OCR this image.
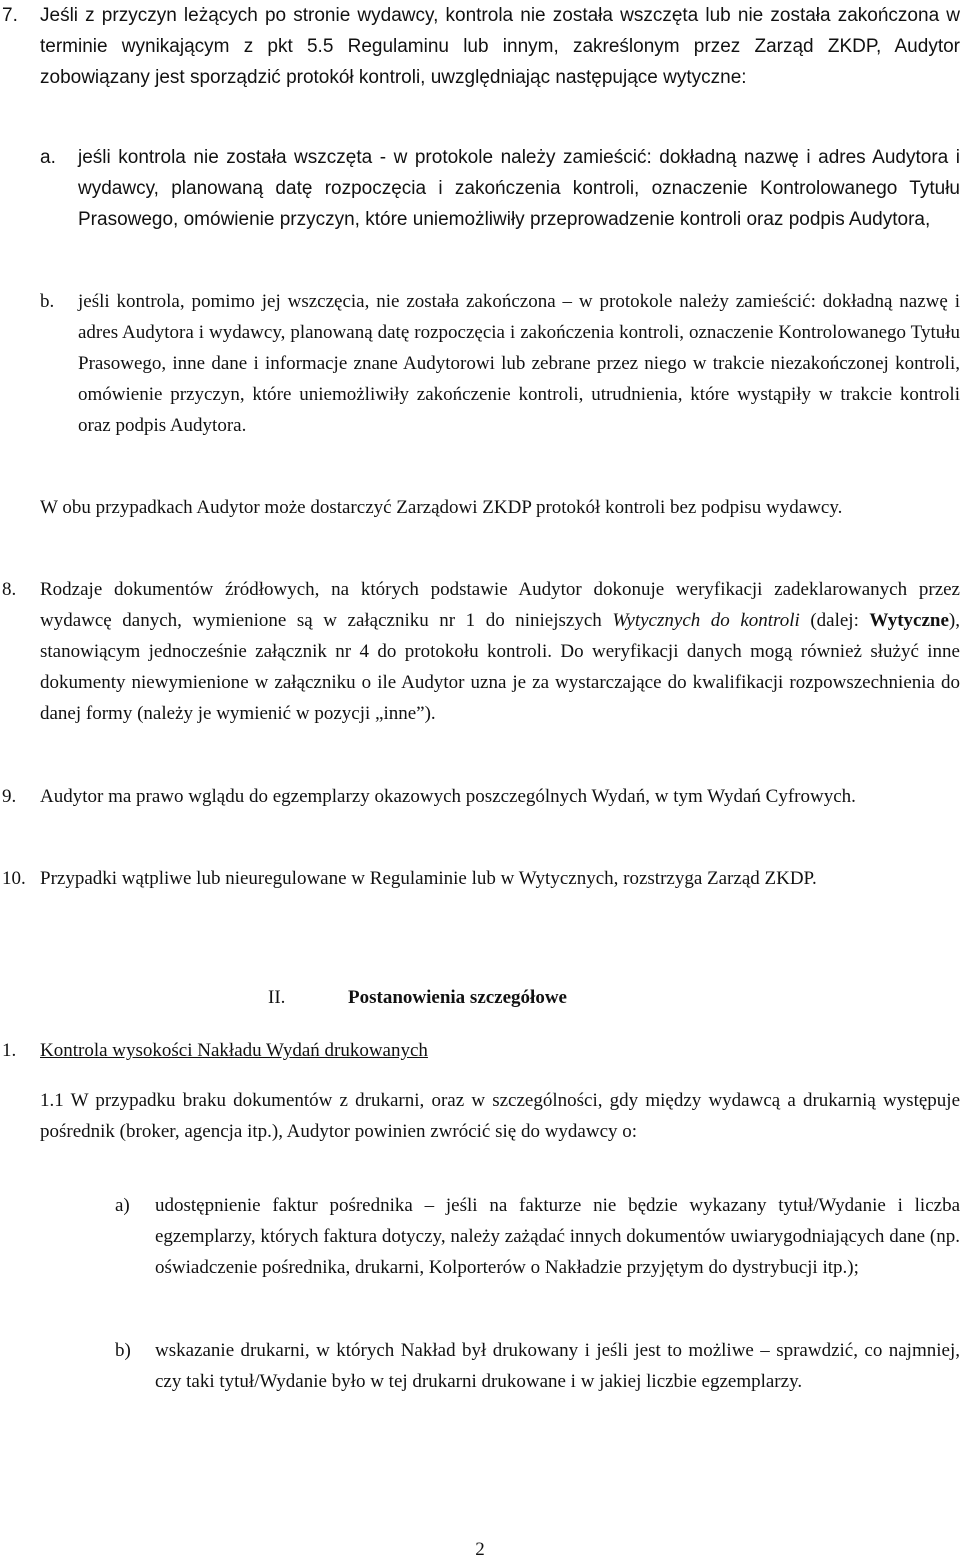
7. Jeśli z przyczyn leżących po stronie wydawcy, kontrola nie została wszczęta lub nie została zakończona w terminie wynikającym z pkt 5.5 Regulaminu lub innym, zakreślonym przez Zarząd ZKDP, Audytor zobowiązany jest sporządzić protokół kontroli, uwzględniając następujące wytyczne:
a. jeśli kontrola nie została wszczęta - w protokole należy zamieścić: dokładną nazwę i adres Audytora i wydawcy, planowaną datę rozpoczęcia i zakończenia kontroli, oznaczenie Kontrolowanego Tytułu Prasowego, omówienie przyczyn, które uniemożliwiły przeprowadzenie kontroli oraz podpis Audytora,
b. jeśli kontrola, pomimo jej wszczęcia, nie została zakończona – w protokole należy zamieścić: dokładną nazwę i adres Audytora i wydawcy, planowaną datę rozpoczęcia i zakończenia kontroli, oznaczenie Kontrolowanego Tytułu Prasowego, inne dane i informacje znane Audytorowi lub zebrane przez niego w trakcie niezakończonej kontroli, omówienie przyczyn, które uniemożliwiły zakończenie kontroli, utrudnienia, które wystąpiły w trakcie kontroli oraz podpis Audytora.
W obu przypadkach Audytor może dostarczyć Zarządowi ZKDP protokół kontroli bez podpisu wydawcy.
8. Rodzaje dokumentów źródłowych, na których podstawie Audytor dokonuje weryfikacji zadeklarowanych przez wydawcę danych, wymienione są w załączniku nr 1 do niniejszych Wytycznych do kontroli (dalej: Wytyczne), stanowiącym jednocześnie załącznik nr 4 do protokołu kontroli. Do weryfikacji danych mogą również służyć inne dokumenty niewymienione w załączniku o ile Audytor uzna je za wystarczające do kwalifikacji rozpowszechnienia do danej formy (należy je wymienić w pozycji „inne”).
9. Audytor ma prawo wglądu do egzemplarzy okazowych poszczególnych Wydań, w tym Wydań Cyfrowych.
10. Przypadki wątpliwe lub nieuregulowane w Regulaminie lub w Wytycznych, rozstrzyga Zarząd ZKDP.
II.	Postanowienia szczegółowe
1. Kontrola wysokości Nakładu Wydań drukowanych
1.1 W przypadku braku dokumentów z drukarni, oraz w szczególności, gdy między wydawcą a drukarnią występuje pośrednik (broker, agencja itp.), Audytor powinien zwrócić się do wydawcy o:
a) udostępnienie faktur pośrednika – jeśli na fakturze nie będzie wykazany tytuł/Wydanie i liczba egzemplarzy, których faktura dotyczy, należy zażądać innych dokumentów uwiarygodniających dane (np. oświadczenie pośrednika, drukarni, Kolporterów o Nakładzie przyjętym do dystrybucji itp.);
b) wskazanie drukarni, w których Nakład był drukowany i jeśli jest to możliwe – sprawdzić, co najmniej, czy taki tytuł/Wydanie było w tej drukarni drukowane i w jakiej liczbie egzemplarzy.
2
